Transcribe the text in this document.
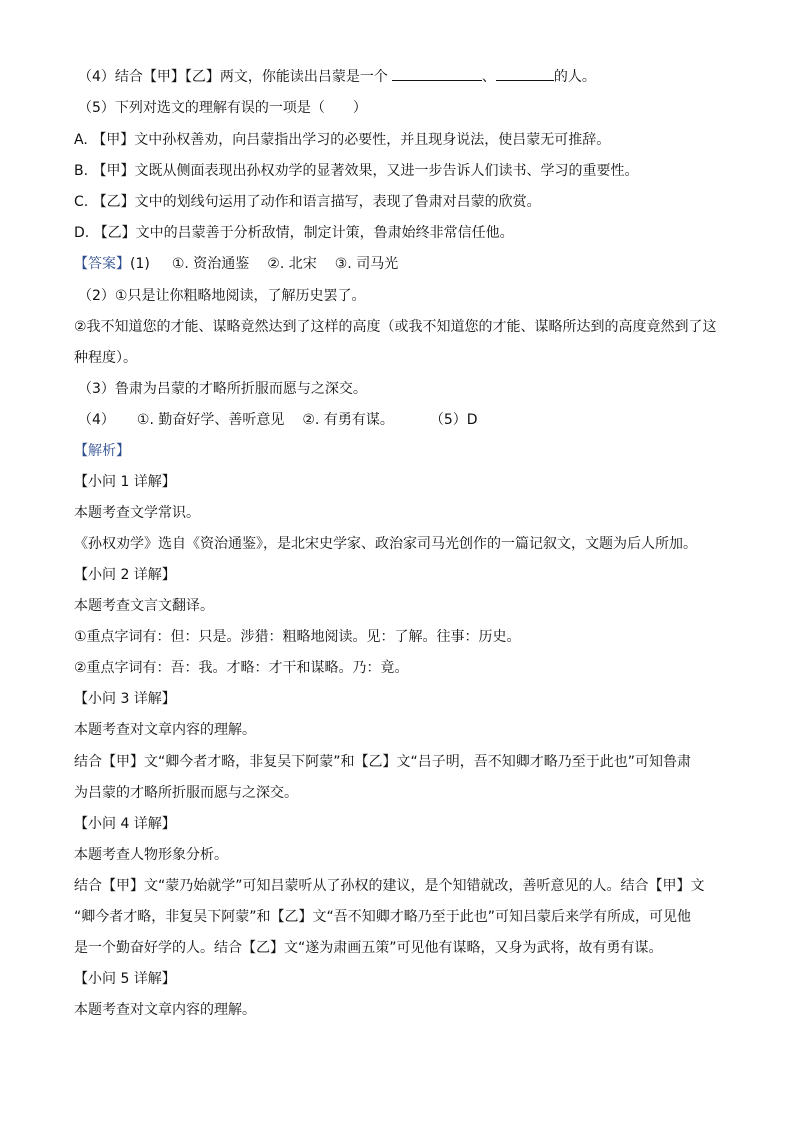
（4）结合【甲】【乙】两文，你能读出吕蒙是一个	、	的人。
（5）下列对选文的理解有误的一项是（　　）
A. 【甲】文中孙权善劝，向吕蒙指出学习的必要性，并且现身说法，使吕蒙无可推辞。
B. 【甲】文既从侧面表现出孙权劝学的显著效果，又进一步告诉人们读书、学习的重要性。
C. 【乙】文中的划线句运用了动作和语言描写，表现了鲁肃对吕蒙的欣赏。
D. 【乙】文中的吕蒙善于分析敌情，制定计策，鲁肃始终非常信任他。
【答案】(1) ①. 资治通鉴 ②. 北宋 ③. 司马光
（2）①只是让你粗略地阅读，了解历史罢了。
②我不知道您的才能、谋略竟然达到了这样的高度（或我不知道您的才能、谋略所达到的高度竟然到了这
种程度）。
（3）鲁肃为吕蒙的才略所折服而愿与之深交。
（4） ①. 勤奋好学、善听意见 ②. 有勇有谋。	（5）D
【解析】
【小问 1 详解】
本题考查文学常识。
《孙权劝学》选自《资治通鉴》，是北宋史学家、政治家司马光创作的一篇记叙文，文题为后人所加。
【小问 2 详解】
本题考查文言文翻译。
①重点字词有：但：只是。涉猎：粗略地阅读。见：了解。往事：历史。
②重点字词有：吾：我。才略：才干和谋略。乃：竟。
【小问 3 详解】
本题考查对文章内容的理解。
结合【甲】文“卿今者才略，非复吴下阿蒙”和【乙】文“吕子明，吾不知卿才略乃至于此也”可知鲁肃
为吕蒙的才略所折服而愿与之深交。
【小问 4 详解】
本题考查人物形象分析。
结合【甲】文“蒙乃始就学”可知吕蒙听从了孙权的建议，是个知错就改，善听意见的人。结合【甲】文
“卿今者才略，非复吴下阿蒙”和【乙】文“吾不知卿才略乃至于此也”可知吕蒙后来学有所成，可见他
是一个勤奋好学的人。结合【乙】文“遂为肃画五策”可见他有谋略，又身为武将，故有勇有谋。
【小问 5 详解】
本题考查对文章内容的理解。
